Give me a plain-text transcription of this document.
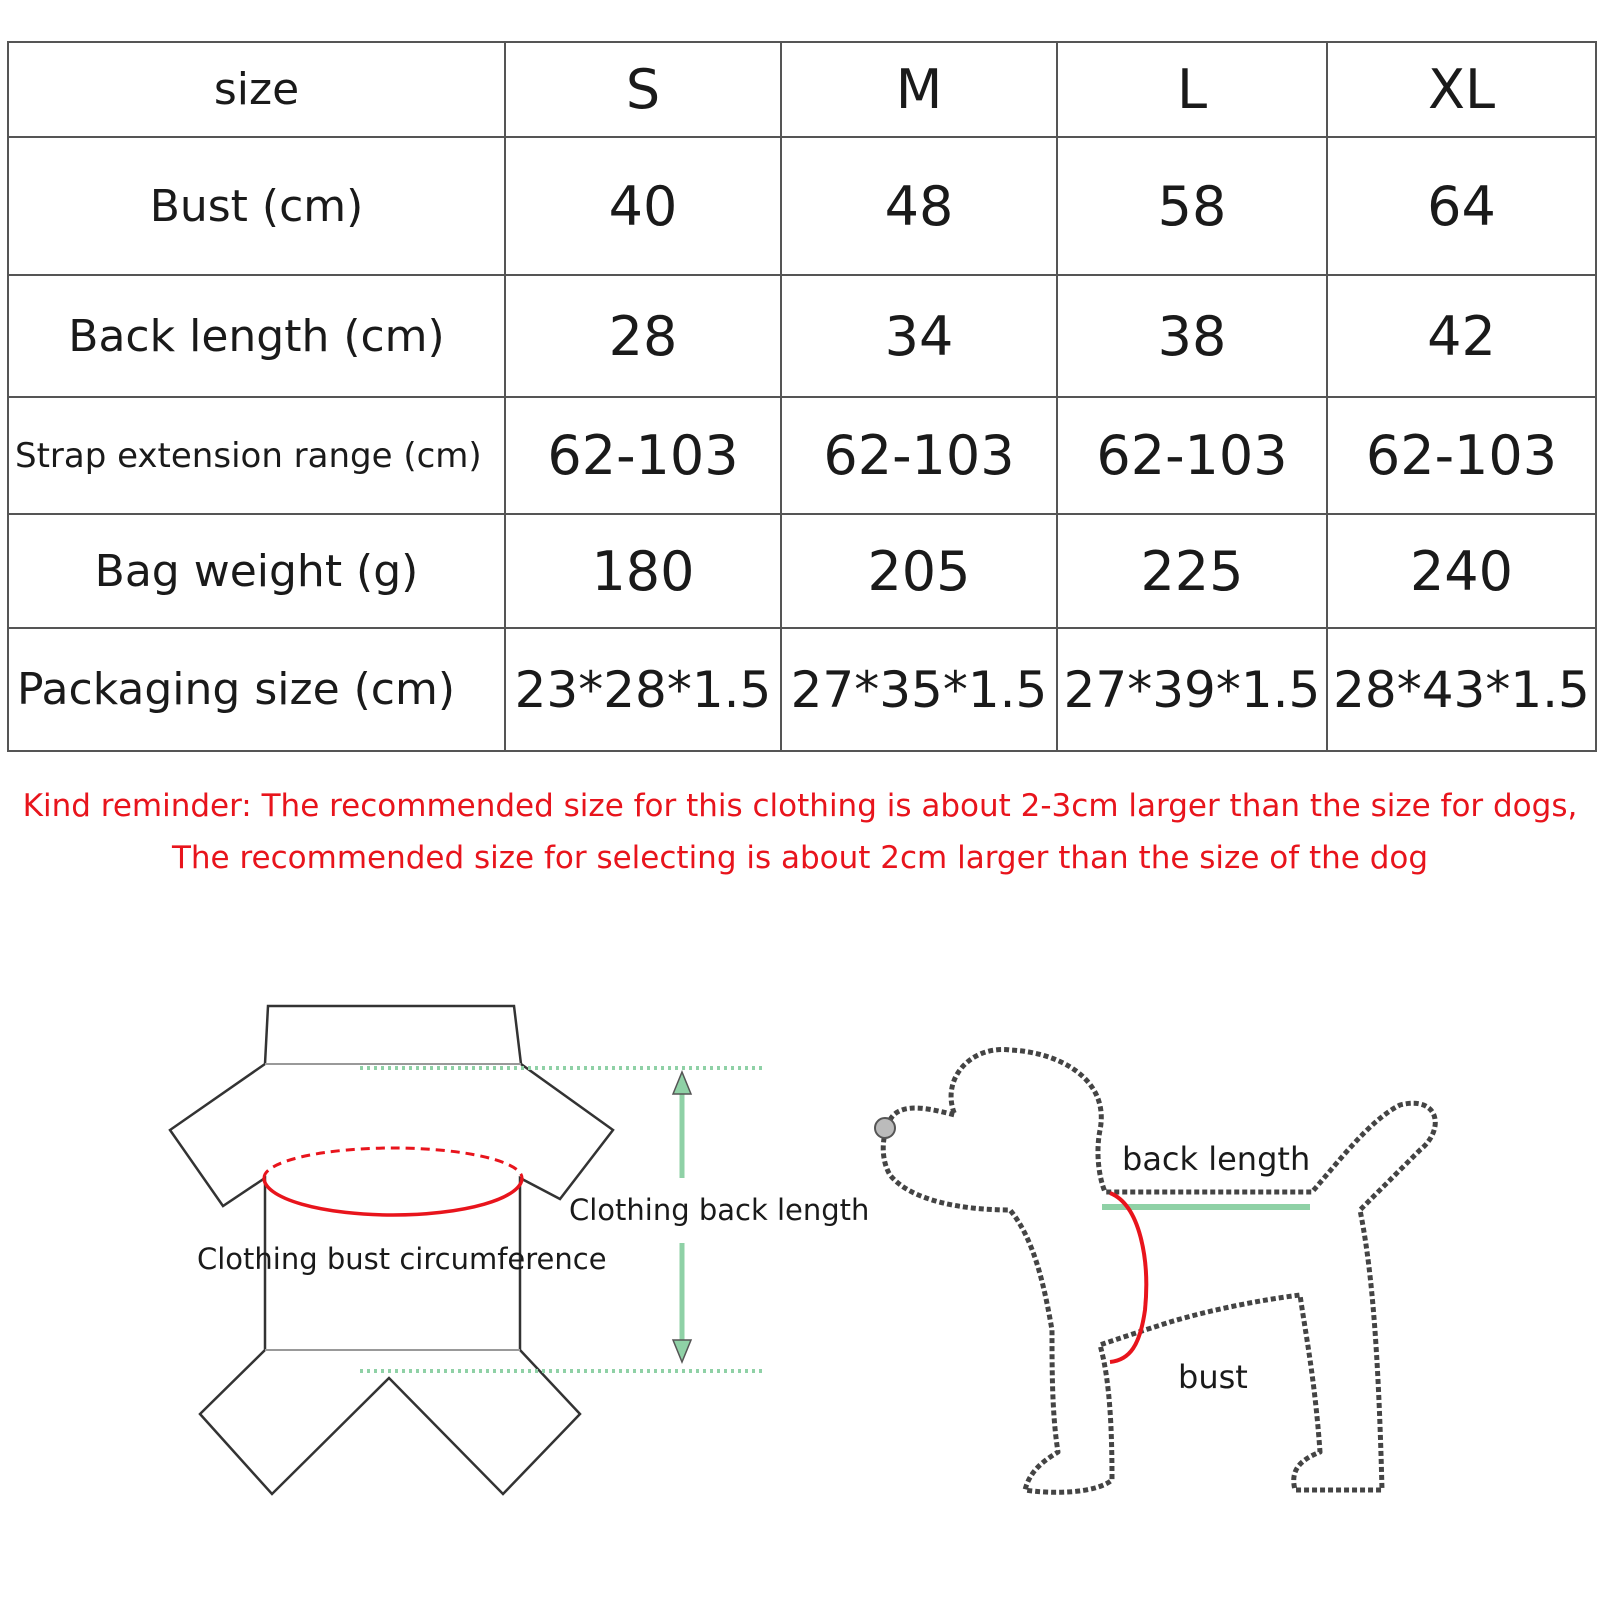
size	S	M	L	XL
Bust (cm)	40	48	58	64
Back length (cm)	28	34	38	42
Strap extension range (cm)	62-103	62-103	62-103	62-103
Bag weight (g)	180	205	225	240
Packaging size (cm)	23*28*1.5	27*35*1.5	27*39*1.5	28*43*1.5
Kind reminder: The recommended size for this clothing is about 2-3cm larger than the size for dogs,
The recommended size for selecting is about 2cm larger than the size of the dog
Clothing bust circumference
Clothing back length
back length
bust
